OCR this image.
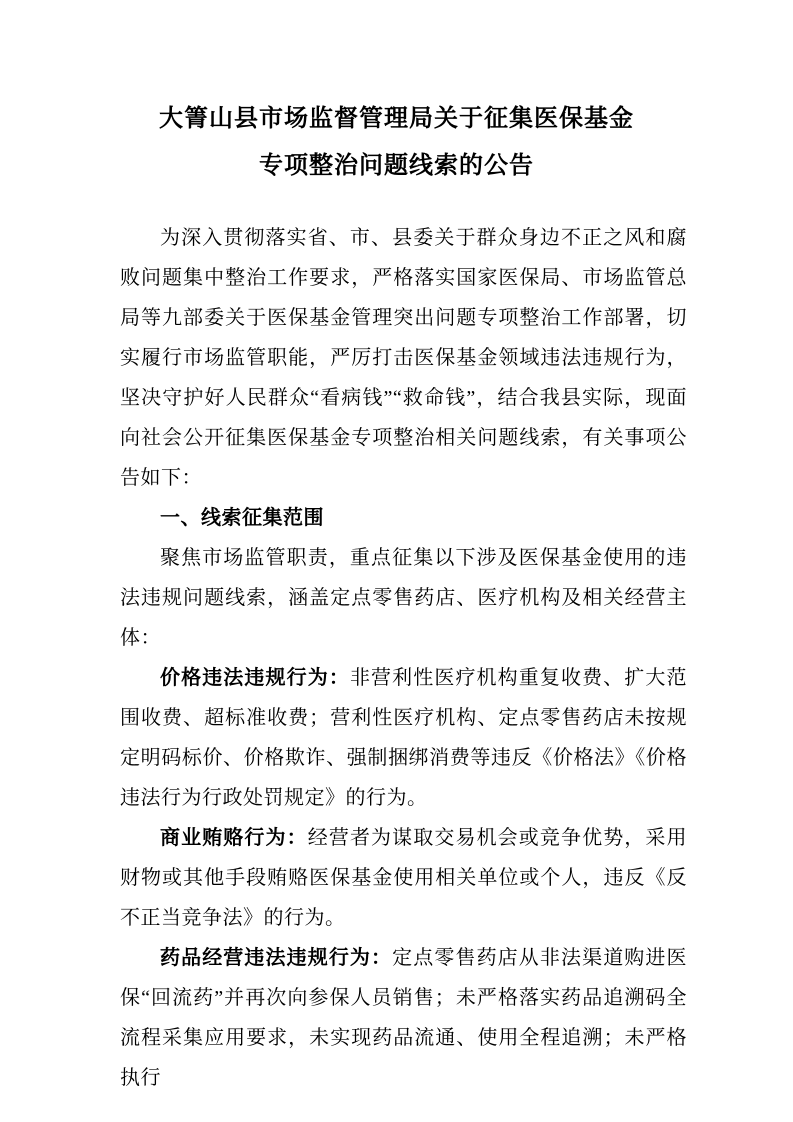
大箐山县市场监督管理局关于征集医保基金
专项整治问题线索的公告

为深入贯彻落实省、市、县委关于群众身边不正之风和腐败问题集中整治工作要求，严格落实国家医保局、市场监管总局等九部委关于医保基金管理突出问题专项整治工作部署，切实履行市场监管职能，严厉打击医保基金领域违法违规行为，坚决守护好人民群众“看病钱”“救命钱”，结合我县实际，现面向社会公开征集医保基金专项整治相关问题线索，有关事项公告如下：

一、线索征集范围

聚焦市场监管职责，重点征集以下涉及医保基金使用的违法违规问题线索，涵盖定点零售药店、医疗机构及相关经营主体：

价格违法违规行为：非营利性医疗机构重复收费、扩大范围收费、超标准收费；营利性医疗机构、定点零售药店未按规定明码标价、价格欺诈、强制捆绑消费等违反《价格法》《价格违法行为行政处罚规定》的行为。

商业贿赂行为：经营者为谋取交易机会或竞争优势，采用财物或其他手段贿赂医保基金使用相关单位或个人，违反《反不正当竞争法》的行为。

药品经营违法违规行为：定点零售药店从非法渠道购进医保“回流药”并再次向参保人员销售；未严格落实药品追溯码全流程采集应用要求，未实现药品流通、使用全程追溯；未严格执行
